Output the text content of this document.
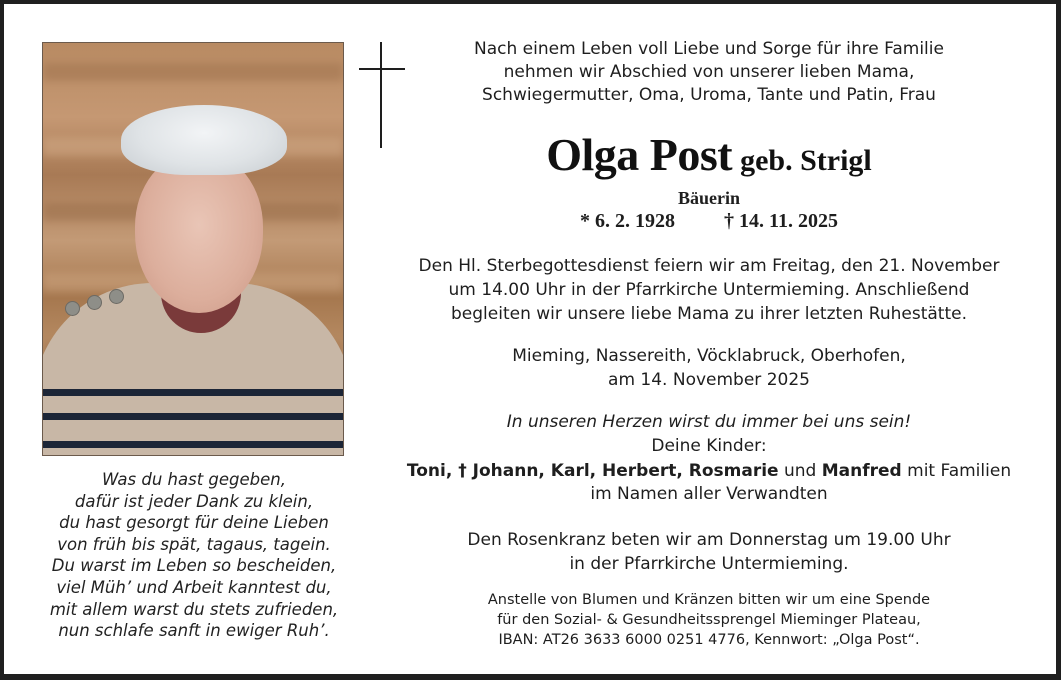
Was du hast gegeben,
dafür ist jeder Dank zu klein,
du hast gesorgt für deine Lieben
von früh bis spät, tagaus, tagein.
Du warst im Leben so bescheiden,
viel Müh’ und Arbeit kanntest du,
mit allem warst du stets zufrieden,
nun schlafe sanft in ewiger Ruh’.
Nach einem Leben voll Liebe und Sorge für ihre Familie
nehmen wir Abschied von unserer lieben Mama,
Schwiegermutter, Oma, Uroma, Tante und Patin, Frau
Olga Post geb. Strigl
Bäuerin
* 6. 2. 1928 † 14. 11. 2025
Den Hl. Sterbegottesdienst feiern wir am Freitag, den 21. November
um 14.00 Uhr in der Pfarrkirche Untermieming. Anschließend
begleiten wir unsere liebe Mama zu ihrer letzten Ruhestätte.
Mieming, Nassereith, Vöcklabruck, Oberhofen,
am 14. November 2025
In unseren Herzen wirst du immer bei uns sein!
Deine Kinder:
Toni, † Johann, Karl, Herbert, Rosmarie und Manfred mit Familien
im Namen aller Verwandten
Den Rosenkranz beten wir am Donnerstag um 19.00 Uhr
in der Pfarrkirche Untermieming.
Anstelle von Blumen und Kränzen bitten wir um eine Spende
für den Sozial- & Gesundheitssprengel Mieminger Plateau,
IBAN: AT26 3633 6000 0251 4776, Kennwort: „Olga Post“.
